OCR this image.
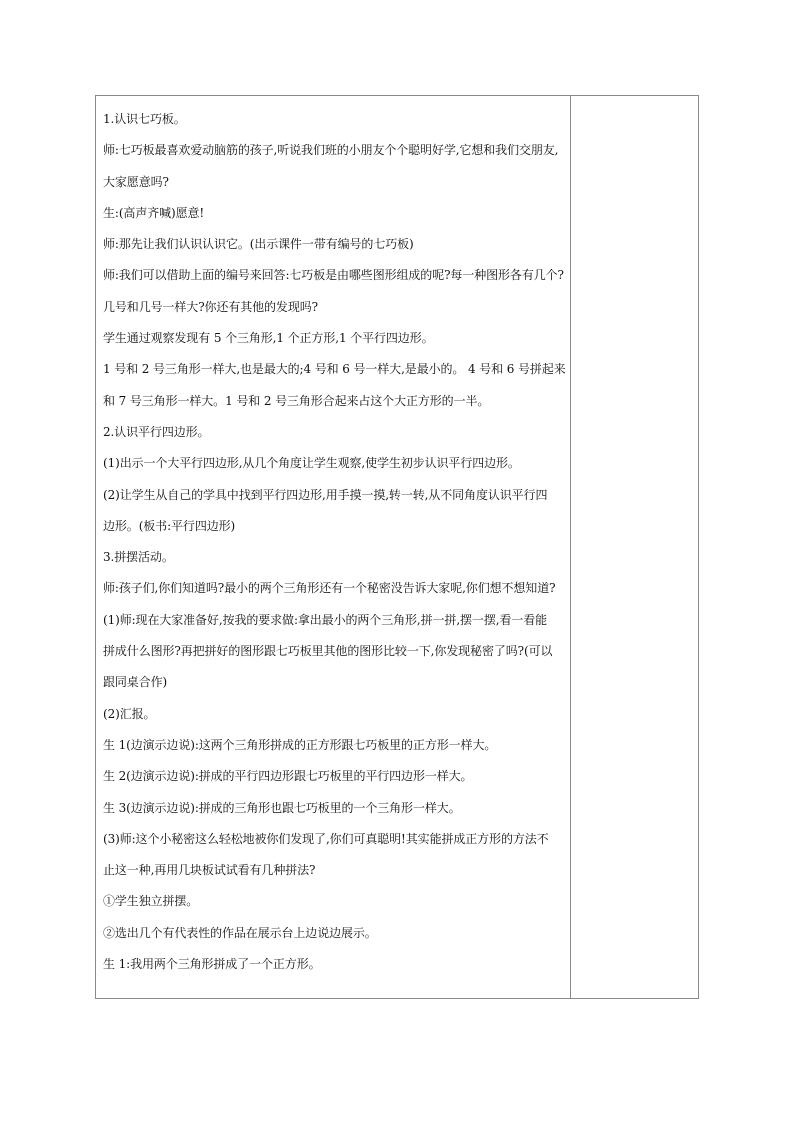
1.认识七巧板。
师:七巧板最喜欢爱动脑筋的孩子,听说我们班的小朋友个个聪明好学,它想和我们交朋友,
大家愿意吗?
生:(高声齐喊)愿意!
师:那先让我们认识认识它。(出示课件一带有编号的七巧板)
师:我们可以借助上面的编号来回答:七巧板是由哪些图形组成的呢?每一种图形各有几个?
几号和几号一样大?你还有其他的发现吗?
学生通过观察发现有 5 个三角形,1 个正方形,1 个平行四边形。
1 号和 2 号三角形一样大,也是最大的;4 号和 6 号一样大,是最小的。 4 号和 6 号拼起来
和 7 号三角形一样大。1 号和 2 号三角形合起来占这个大正方形的一半。
2.认识平行四边形。
(1)出示一个大平行四边形,从几个角度让学生观察,使学生初步认识平行四边形。
(2)让学生从自己的学具中找到平行四边形,用手摸一摸,转一转,从不同角度认识平行四
边形。(板书:平行四边形)
3.拼摆活动。
师:孩子们,你们知道吗?最小的两个三角形还有一个秘密没告诉大家呢,你们想不想知道?
(1)师:现在大家准备好,按我的要求做:拿出最小的两个三角形,拼一拼,摆一摆,看一看能
拼成什么图形?再把拼好的图形跟七巧板里其他的图形比较一下,你发现秘密了吗?(可以
跟同桌合作)
(2)汇报。
生 1(边演示边说):这两个三角形拼成的正方形跟七巧板里的正方形一样大。
生 2(边演示边说):拼成的平行四边形跟七巧板里的平行四边形一样大。
生 3(边演示边说):拼成的三角形也跟七巧板里的一个三角形一样大。
(3)师:这个小秘密这么轻松地被你们发现了,你们可真聪明!其实能拼成正方形的方法不
止这一种,再用几块板试试看有几种拼法?
①学生独立拼摆。
②选出几个有代表性的作品在展示台上边说边展示。
生 1:我用两个三角形拼成了一个正方形。
